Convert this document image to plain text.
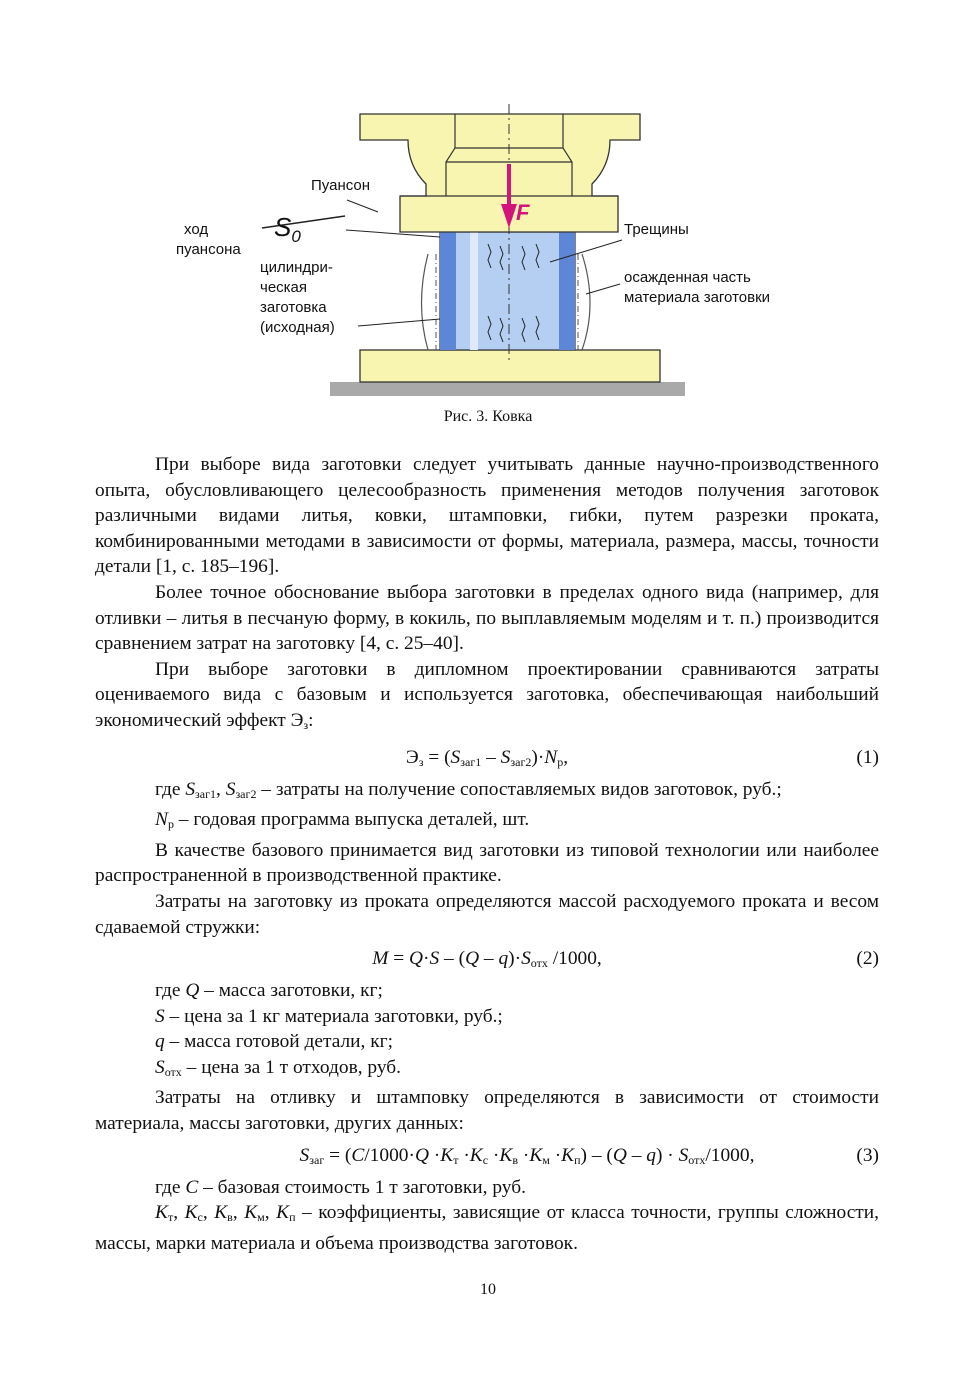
Пуансон
ход
пуансона
$S_0$
F
Трещины
цилиндри-
ческая
заготовка
(исходная)
осажденная часть
материала заготовки
Рис. 3. Ковка

При выборе вида заготовки следует учитывать данные научно-производственного опыта, обусловливающего целесообразность применения методов получения заготовок различными видами литья, ковки, штамповки, гибки, путем разрезки проката, комбинированными методами в зависимости от формы, материала, размера, массы, точности детали [1, с. 185–196].

Более точное обоснование выбора заготовки в пределах одного вида (например, для отливки – литья в песчаную форму, в кокиль, по выплавляемым моделям и т. п.) производится сравнением затрат на заготовку [4, с. 25–40].

При выборе заготовки в дипломном проектировании сравниваются затраты оцениваемого вида с базовым и используется заготовка, обеспечивающая наибольший экономический эффект $Э_з$:

$Э_з = (S_{заг1} - S_{заг2})\cdot N_р$,	(1)

где $S_{заг1}$, $S_{заг2}$ – затраты на получение сопоставляемых видов заготовок, руб.;

$N_р$ – годовая программа выпуска деталей, шт.

В качестве базового принимается вид заготовки из типовой технологии или наиболее распространенной в производственной практике.

Затраты на заготовку из проката определяются массой расходуемого проката и весом сдаваемой стружки:

$M = Q\cdot S - (Q - q)\cdot S_{отх}$ /1000,	(2)

где Q – масса заготовки, кг;

S – цена за 1 кг материала заготовки, руб.;

q – масса готовой детали, кг;

$S_{отх}$ – цена за 1 т отходов, руб.

Затраты на отливку и штамповку определяются в зависимости от стоимости материала, массы заготовки, других данных:

$S_{заг} = (C/1000\cdot Q \cdot K_т \cdot K_с \cdot K_в \cdot K_м \cdot K_п) - (Q - q) \cdot S_{отх}/1000$,	(3)

где C – базовая стоимость 1 т заготовки, руб.

$K_т$, $K_с$, $K_в$, $K_м$, $K_п$ – коэффициенты, зависящие от класса точности, группы сложности, массы, марки материала и объема производства заготовок.

10
